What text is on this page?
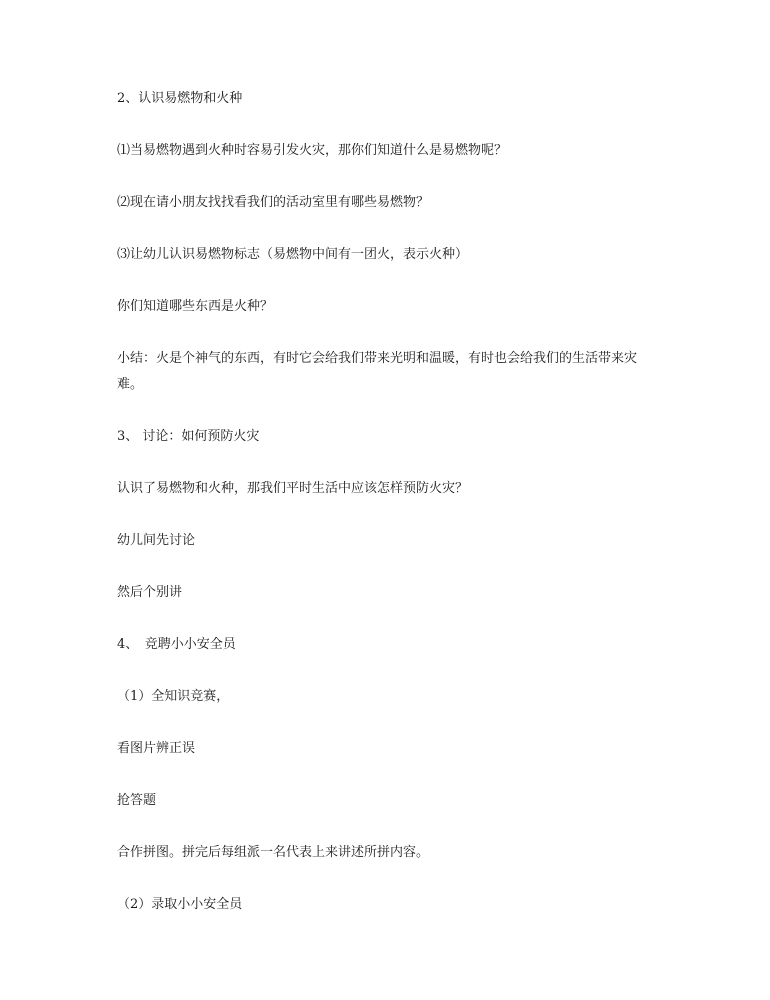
2、认识易燃物和火种

⑴当易燃物遇到火种时容易引发火灾，那你们知道什么是易燃物呢？

⑵现在请小朋友找找看我们的活动室里有哪些易燃物？

⑶让幼儿认识易燃物标志（易燃物中间有一团火，表示火种）

你们知道哪些东西是火种？

小结：火是个神气的东西，有时它会给我们带来光明和温暖，有时也会给我们的生活带来灾难。

3、 讨论：如何预防火灾

认识了易燃物和火种，那我们平时生活中应该怎样预防火灾？

幼儿间先讨论

然后个别讲

4、　竞聘小小安全员

（1）全知识竞赛，

看图片辨正误

抢答题

合作拼图。拼完后每组派一名代表上来讲述所拼内容。

（2）录取小小安全员
